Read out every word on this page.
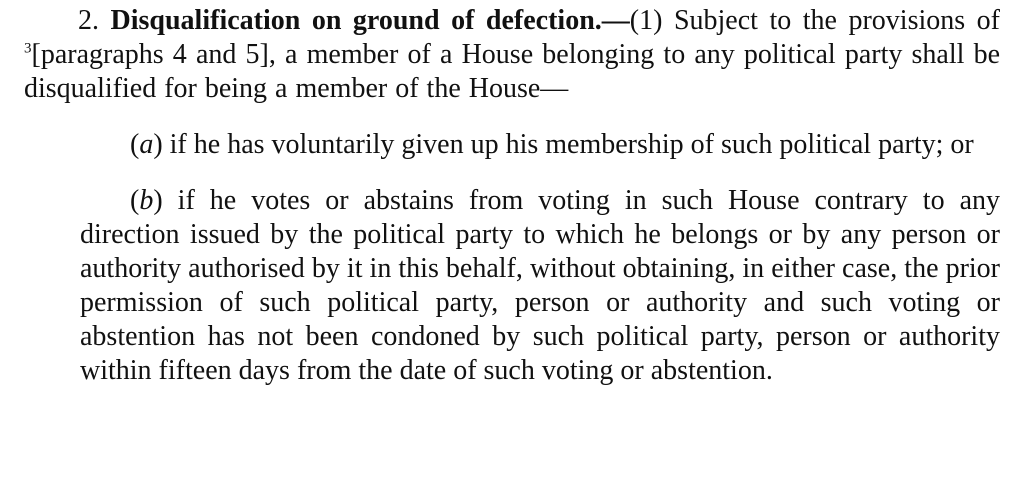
2. Disqualification on ground of defection.—(1) Subject to the provisions of $^3$[paragraphs 4 and 5], a member of a House belonging to any political party shall be disqualified for being a member of the House—

(a) if he has voluntarily given up his membership of such political party; or

(b) if he votes or abstains from voting in such House contrary to any direction issued by the political party to which he belongs or by any person or authority authorised by it in this behalf, without obtaining, in either case, the prior permission of such political party, person or authority and such voting or abstention has not been condoned by such political party, person or authority within fifteen days from the date of such voting or abstention.
